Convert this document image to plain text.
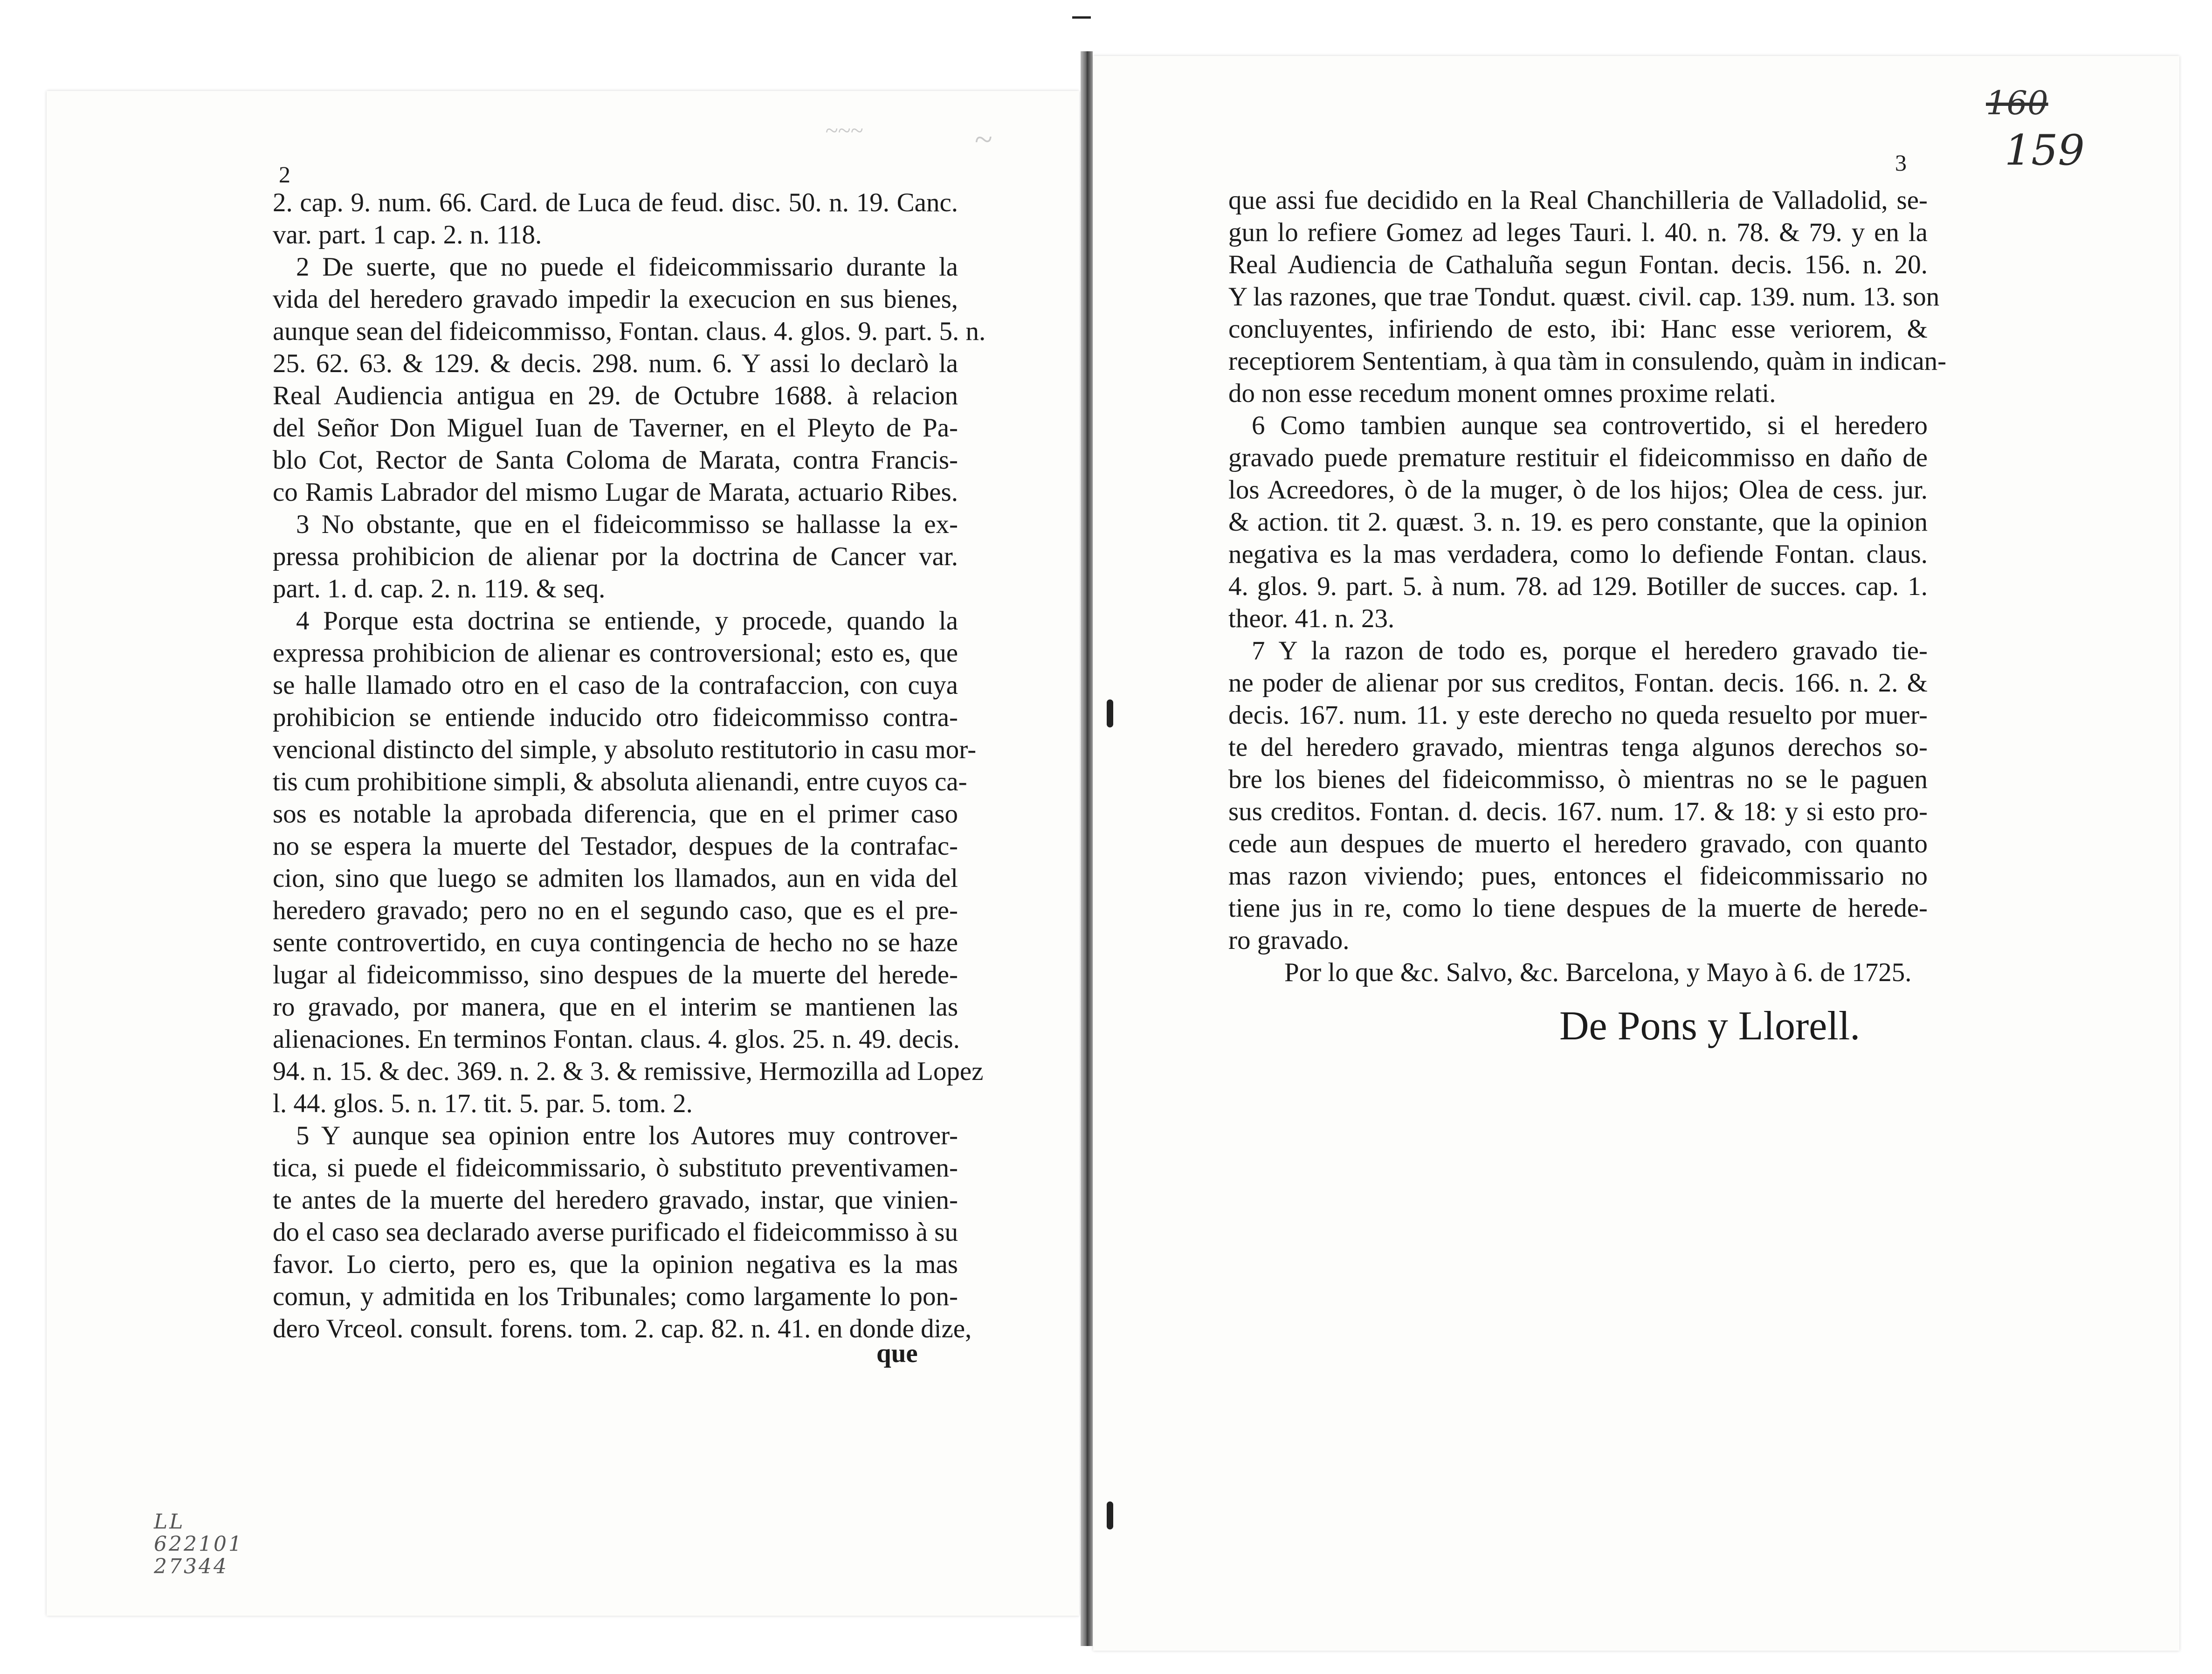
~~~	~
2
2. cap. 9. num. 66. Card. de Luca de feud. disc. 50. n. 19. Canc.
var. part. 1 cap. 2. n. 118.
2 De suerte, que no puede el fideicommissario durante la
vida del heredero gravado impedir la execucion en sus bienes,
aunque sean del fideicommisso, Fontan. claus. 4. glos. 9. part. 5. n.
25. 62. 63. & 129. & decis. 298. num. 6. Y assi lo declarò la
Real Audiencia antigua en 29. de Octubre 1688. à relacion
del Señor Don Miguel Iuan de Taverner, en el Pleyto de Pa-
blo Cot, Rector de Santa Coloma de Marata, contra Francis-
co Ramis Labrador del mismo Lugar de Marata, actuario Ribes.
3 No obstante, que en el fideicommisso se hallasse la ex-
pressa prohibicion de alienar por la doctrina de Cancer var.
part. 1. d. cap. 2. n. 119. & seq.
4 Porque esta doctrina se entiende, y procede, quando la
expressa prohibicion de alienar es controversional; esto es, que
se halle llamado otro en el caso de la contrafaccion, con cuya
prohibicion se entiende inducido otro fideicommisso contra-
vencional distincto del simple, y absoluto restitutorio in casu mor-
tis cum prohibitione simpli, & absoluta alienandi, entre cuyos ca-
sos es notable la aprobada diferencia, que en el primer caso
no se espera la muerte del Testador, despues de la contrafac-
cion, sino que luego se admiten los llamados, aun en vida del
heredero gravado; pero no en el segundo caso, que es el pre-
sente controvertido, en cuya contingencia de hecho no se haze
lugar al fideicommisso, sino despues de la muerte del herede-
ro gravado, por manera, que en el interim se mantienen las
alienaciones. En terminos Fontan. claus. 4. glos. 25. n. 49. decis.
94. n. 15. & dec. 369. n. 2. & 3. & remissive, Hermozilla ad Lopez
l. 44. glos. 5. n. 17. tit. 5. par. 5. tom. 2.
5 Y aunque sea opinion entre los Autores muy controver-
tica, si puede el fideicommissario, ò substituto preventivamen-
te antes de la muerte del heredero gravado, instar, que vinien-
do el caso sea declarado averse purificado el fideicommisso à su
favor. Lo cierto, pero es, que la opinion negativa es la mas
comun, y admitida en los Tribunales; como largamente lo pon-
dero Vrceol. consult. forens. tom. 2. cap. 82. n. 41. en donde dize,
que
3
que assi fue decidido en la Real Chanchilleria de Valladolid, se-
gun lo refiere Gomez ad leges Tauri. l. 40. n. 78. & 79. y en la
Real Audiencia de Cathaluña segun Fontan. decis. 156. n. 20.
Y las razones, que trae Tondut. quæst. civil. cap. 139. num. 13. son
concluyentes, infiriendo de esto, ibi: Hanc esse veriorem, &
receptiorem Sententiam, à qua tàm in consulendo, quàm in indican-
do non esse recedum monent omnes proxime relati.
6 Como tambien aunque sea controvertido, si el heredero
gravado puede premature restituir el fideicommisso en daño de
los Acreedores, ò de la muger, ò de los hijos; Olea de cess. jur.
& action. tit 2. quæst. 3. n. 19. es pero constante, que la opinion
negativa es la mas verdadera, como lo defiende Fontan. claus.
4. glos. 9. part. 5. à num. 78. ad 129. Botiller de succes. cap. 1.
theor. 41. n. 23.
7 Y la razon de todo es, porque el heredero gravado tie-
ne poder de alienar por sus creditos, Fontan. decis. 166. n. 2. &
decis. 167. num. 11. y este derecho no queda resuelto por muer-
te del heredero gravado, mientras tenga algunos derechos so-
bre los bienes del fideicommisso, ò mientras no se le paguen
sus creditos. Fontan. d. decis. 167. num. 17. & 18: y si esto pro-
cede aun despues de muerto el heredero gravado, con quanto
mas razon viviendo; pues, entonces el fideicommissario no
tiene jus in re, como lo tiene despues de la muerte de herede-
ro gravado.
Por lo que &c. Salvo, &c. Barcelona, y Mayo à 6. de 1725.
De Pons y Llorell.
160
159
LL
622101
27344
